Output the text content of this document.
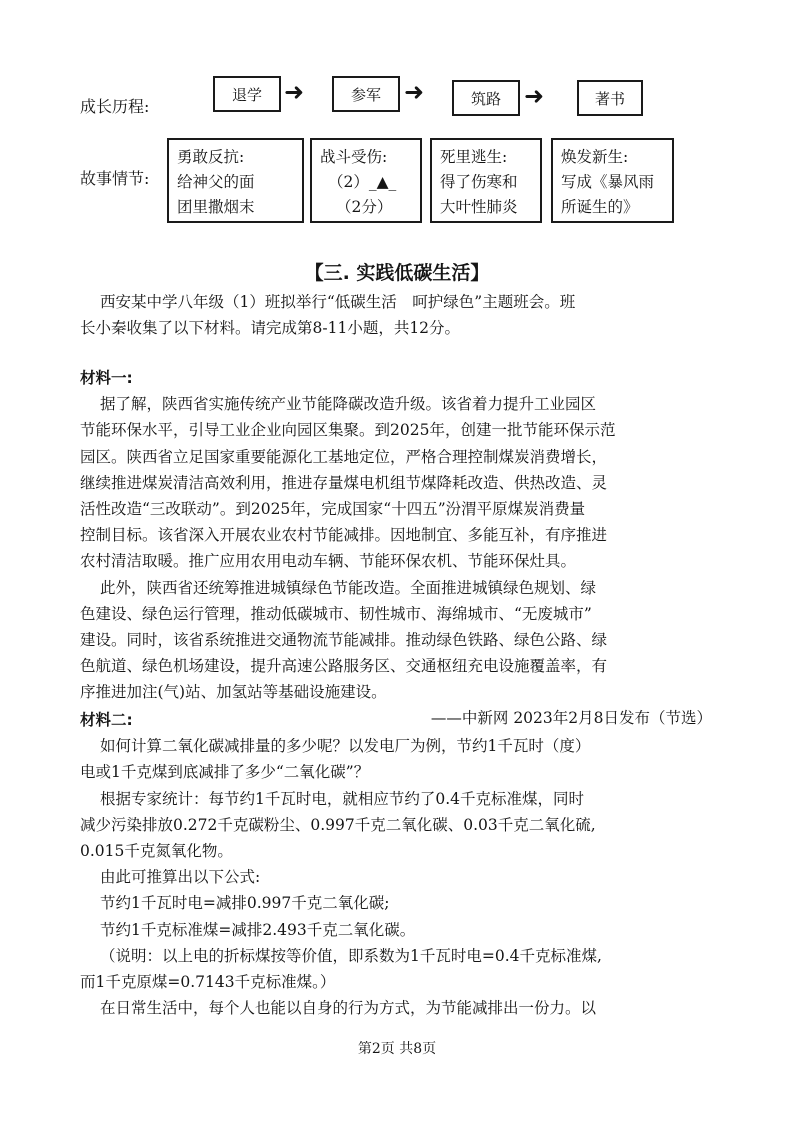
成长历程:
故事情节:
退学 ➜	参军 ➜	筑路 ➜	著书
勇敢反抗:
给神父的面
团里撒烟末
战斗受伤:
（2）_▲_
（2分）
死里逃生:
得了伤寒和
大叶性肺炎
焕发新生:
写成《暴风雨
所诞生的》
【三. 实践低碳生活】
西安某中学八年级（1）班拟举行“低碳生活　呵护绿色”主题班会。班
长小秦收集了以下材料。请完成第8-11小题，共12分。
材料一:
据了解，陕西省实施传统产业节能降碳改造升级。该省着力提升工业园区
节能环保水平，引导工业企业向园区集聚。到2025年，创建一批节能环保示范
园区。陕西省立足国家重要能源化工基地定位，严格合理控制煤炭消费增长，
继续推进煤炭清洁高效利用，推进存量煤电机组节煤降耗改造、供热改造、灵
活性改造“三改联动”。到2025年，完成国家“十四五”汾渭平原煤炭消费量
控制目标。该省深入开展农业农村节能减排。因地制宜、多能互补，有序推进
农村清洁取暖。推广应用农用电动车辆、节能环保农机、节能环保灶具。
此外，陕西省还统筹推进城镇绿色节能改造。全面推进城镇绿色规划、绿
色建设、绿色运行管理，推动低碳城市、韧性城市、海绵城市、“无废城市”
建设。同时，该省系统推进交通物流节能减排。推动绿色铁路、绿色公路、绿
色航道、绿色机场建设，提升高速公路服务区、交通枢纽充电设施覆盖率，有
序推进加注(气)站、加氢站等基础设施建设。
——中新网 2023年2月8日发布（节选）
材料二:
如何计算二氧化碳减排量的多少呢？以发电厂为例，节约1千瓦时（度）
电或1千克煤到底减排了多少“二氧化碳”？
根据专家统计：每节约1千瓦时电，就相应节约了0.4千克标准煤，同时
减少污染排放0.272千克碳粉尘、0.997千克二氧化碳、0.03千克二氧化硫,
0.015千克氮氧化物。
由此可推算出以下公式:
节约1千瓦时电=减排0.997千克二氧化碳;
节约1千克标准煤=减排2.493千克二氧化碳。
（说明：以上电的折标煤按等价值，即系数为1千瓦时电=0.4千克标准煤,
而1千克原煤=0.7143千克标准煤。）
在日常生活中，每个人也能以自身的行为方式，为节能减排出一份力。以
第2页 共8页
